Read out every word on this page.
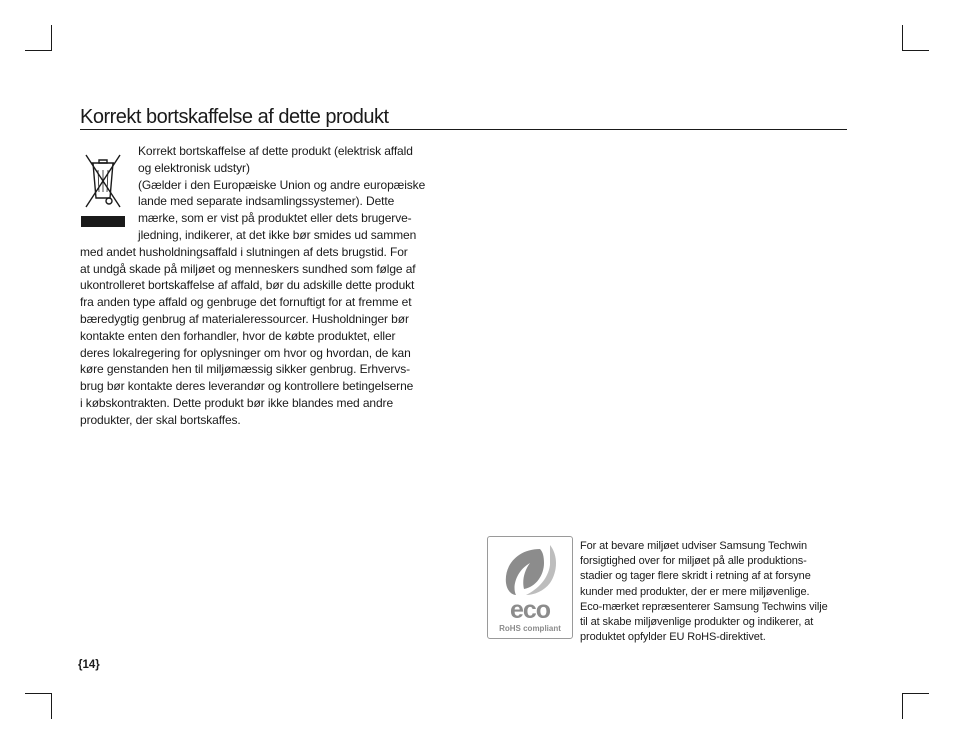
Korrekt bortskaffelse af dette produkt
Korrekt bortskaffelse af dette produkt (elektrisk affald
og elektronisk udstyr)
(Gælder i den Europæiske Union og andre europæiske
lande med separate indsamlingssystemer). Dette
mærke, som er vist på produktet eller dets brugerve-
jledning, indikerer, at det ikke bør smides ud sammen
med andet husholdningsaffald i slutningen af dets brugstid. For
at undgå skade på miljøet og menneskers sundhed som følge af
ukontrolleret bortskaffelse af affald, bør du adskille dette produkt
fra anden type affald og genbruge det fornuftigt for at fremme et
bæredygtig genbrug af materialeressourcer. Husholdninger bør
kontakte enten den forhandler, hvor de købte produktet, eller
deres lokalregering for oplysninger om hvor og hvordan, de kan
køre genstanden hen til miljømæssig sikker genbrug. Erhvervs-
brug bør kontakte deres leverandør og kontrollere betingelserne
i købskontrakten. Dette produkt bør ikke blandes med andre
produkter, der skal bortskaffes.
eco
RoHS compliant
For at bevare miljøet udviser Samsung Techwin
forsigtighed over for miljøet på alle produktions-
stadier og tager flere skridt i retning af at forsyne
kunder med produkter, der er mere miljøvenlige.
Eco-mærket repræsenterer Samsung Techwins vilje
til at skabe miljøvenlige produkter og indikerer, at
produktet opfylder EU RoHS-direktivet.
{14}
